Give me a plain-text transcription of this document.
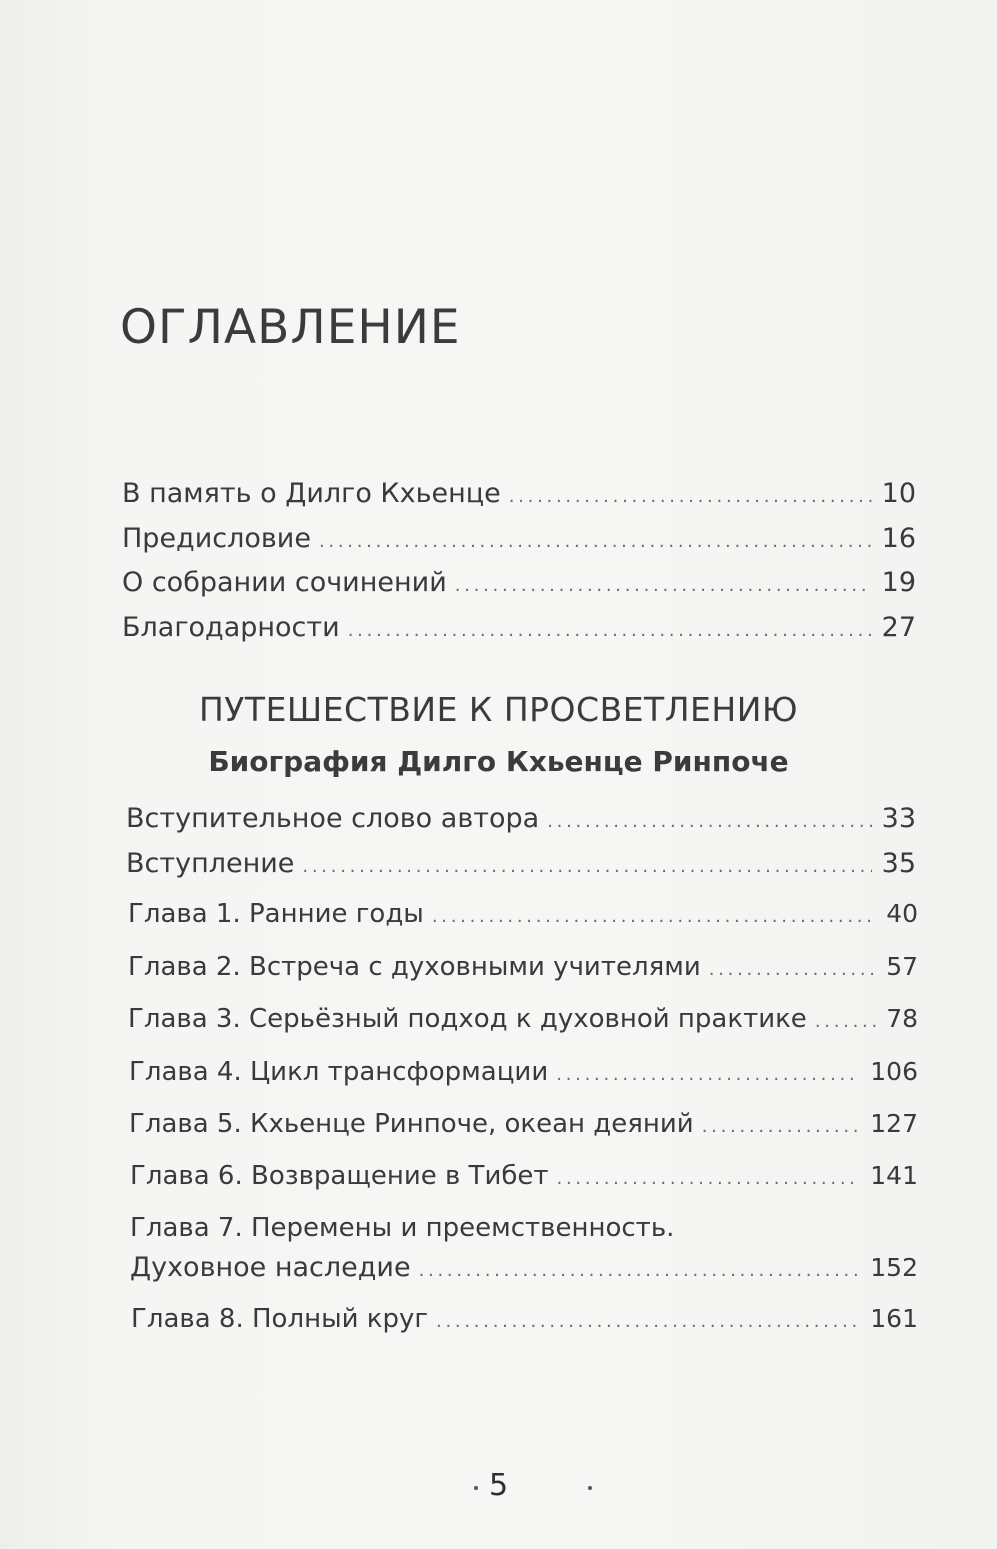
ОГЛАВЛЕНИЕ
В память о Дилго Кхьенце . . .	10
Предисловие . . .	16
О собрании сочинений . . .	19
Благодарности . . .	27
ПУТЕШЕСТВИЕ К ПРОСВЕТЛЕНИЮ
Биография Дилго Кхьенце Ринпоче
Вступительное слово автора . . .	33
Вступление . . .	35
Глава 1. Ранние годы . . .	40
Глава 2. Встреча с духовными учителями . . .	57
Глава 3. Серьёзный подход к духовной практике . . .	78
Глава 4. Цикл трансформации . . .	106
Глава 5. Кхьенце Ринпоче, океан деяний . . .	127
Глава 6. Возвращение в Тибет . . .	141
Глава 7. Перемены и преемственность.
Духовное наследие . . .	152
Глава 8. Полный круг . . .	161
5
